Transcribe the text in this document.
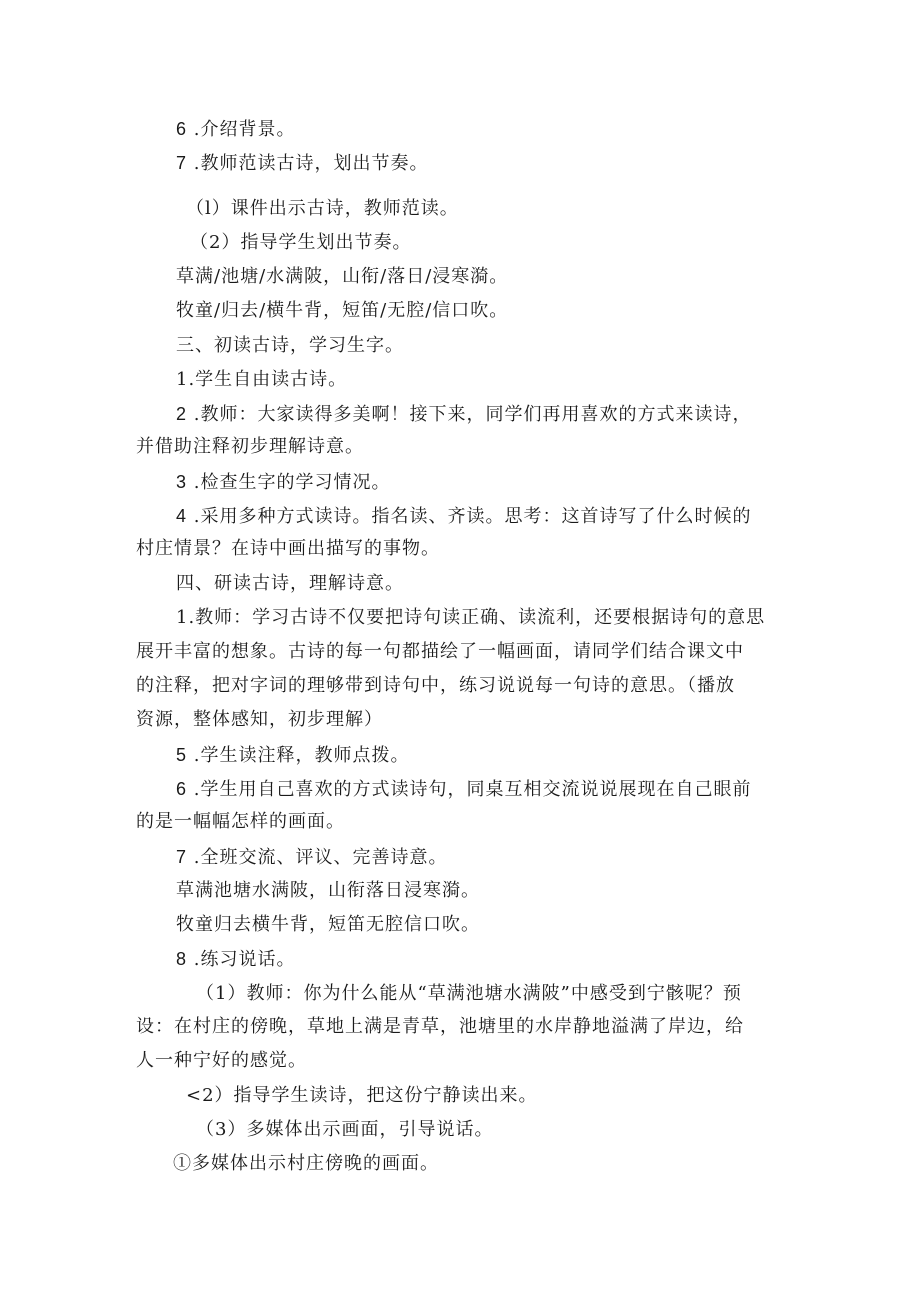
6 .介绍背景。
7 .教师范读古诗，划出节奏。
（l）课件出示古诗，教师范读。
（2）指导学生划出节奏。
草满/池塘/水满陂，山衔/落日/浸寒漪。
牧童/归去/横牛背，短笛/无腔/信口吹。
三、初读古诗，学习生字。
1.学生自由读古诗。
2 .教师：大家读得多美啊！接下来，同学们再用喜欢的方式来读诗，
并借助注释初步理解诗意。
3 .检查生字的学习情况。
4 .采用多种方式读诗。指名读、齐读。思考：这首诗写了什么时候的
村庄情景？在诗中画出描写的事物。
四、研读古诗，理解诗意。
1.教师：学习古诗不仅要把诗句读正确、读流利，还要根据诗句的意思
展开丰富的想象。古诗的每一句都描绘了一幅画面，请同学们结合课文中
的注释，把对字词的理够带到诗句中，练习说说每一句诗的意思。（播放
资源，整体感知，初步理解）
5 .学生读注释，教师点拨。
6 .学生用自己喜欢的方式读诗句，同桌互相交流说说展现在自己眼前
的是一幅幅怎样的画面。
7 .全班交流、评议、完善诗意。
草满池塘水满陂，山衔落日浸寒漪。
牧童归去横牛背，短笛无腔信口吹。
8 .练习说话。
（1）教师：你为什么能从“草满池塘水满陂”中感受到宁骸呢？预
设：在村庄的傍晚，草地上满是青草，池塘里的水岸静地溢满了岸边，给
人一种宁好的感觉。
<2）指导学生读诗，把这份宁静读出来。
（3）多媒体出示画面，引导说话。
①多媒体出示村庄傍晚的画面。
